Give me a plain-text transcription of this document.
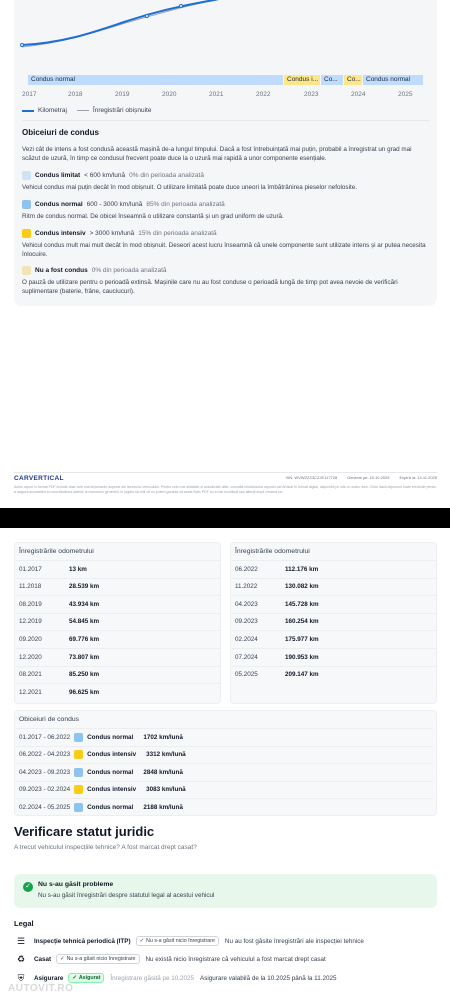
Condus normal	Condus i... Co...	Co... Condus normal
2017	2018	2019	2020	2021	2022	2023	2024	2025
Kilometraj	Înregistrări obișnuite
Obiceiuri de condus
Vezi cât de intens a fost condusă această mașină de-a lungul timpului. Dacă a fost întrebuințată mai puțin, probabil a înregistrat un grad mai scăzut de uzură, în timp ce condusul frecvent poate duce la o uzură mai rapidă a unor componente esențiale.
Condus limitat < 600 km/lună 0% din perioada analizată
Vehicul condus mai puțin decât în mod obișnuit. O utilizare limitată poate duce uneori la îmbătrânirea pieselor nefolosite.
Condus normal 600 - 3000 km/lună 85% din perioada analizată
Ritm de condus normal. De obicei înseamnă o utilizare constantă și un grad uniform de uzură.
Condus intensiv > 3000 km/lună 15% din perioada analizată
Vehicul condus mult mai mult decât în mod obișnuit. Deseori acest lucru înseamnă că unele componente sunt utilizate intens și ar putea necesita înlocuire.
Nu a fost condus 0% din perioada analizată
O pauză de utilizare pentru o perioadă extinsă. Mașinile care nu au fost conduse o perioadă lungă de timp pot avea nevoie de verificări suplimentare (baterie, frâne, cauciucuri).
CARVERTICAL	VIN: WVWZZZ3CZJE117728	Generat pe: 15.10.2025	Expiră la: 14.11.2025
Acest raport în format PDF include doar cele mai importante aspecte ale istoricului vehiculului. Pentru cele mai detaliate și actualizate date, consultă întotdeauna raportul carVertical în format digital, disponibil pe site-ul nostru web. Chiar dacă depunem toate eforturile pentru a asigura acuratețea și corectitudinea datelor la momentul generării, le rugăm să reții că nu putem garanta că acest fișier PDF nu a fost modificat sau alterat după crearea sa.
Înregistrările odometrului
01.2017	13 km
11.2018	28.539 km
08.2019	43.934 km
12.2019	54.845 km
09.2020	69.776 km
12.2020	73.807 km
08.2021	85.250 km
12.2021	96.625 km
Înregistrările odometrului
06.2022	112.176 km
11.2022	130.082 km
04.2023	145.728 km
09.2023	160.254 km
02.2024	175.977 km
07.2024	190.953 km
05.2025	209.147 km
Obiceiuri de condus
01.2017 - 06.2022	Condus normal 1702 km/lună
06.2022 - 04.2023	Condus intensiv 3312 km/lună
04.2023 - 09.2023	Condus normal 2848 km/lună
09.2023 - 02.2024	Condus intensiv 3083 km/lună
02.2024 - 05.2025	Condus normal 2188 km/lună
Verificare statut juridic
A trecut vehiculul inspecțiile tehnice? A fost marcat drept casat?
✓	Nu s-au găsit probleme
Nu s-au găsit înregistrări despre statutul legal al acestui vehicul
Legal
☰	Inspecție tehnică periodică (ITP) ✓ Nu s-a găsit nicio înregistrare Nu au fost găsite înregistrări ale inspecției tehnice
♻	Casat ✓ Nu s-a găsit nicio înregistrare Nu există nicio înregistrare că vehiculul a fost marcat drept casat
⛨	Asigurare ✓ Asigurat Înregistrare găsită pe 10.2025 Asigurare valabilă de la 10.2025 până la 11.2025
AUTOVIT.RO
